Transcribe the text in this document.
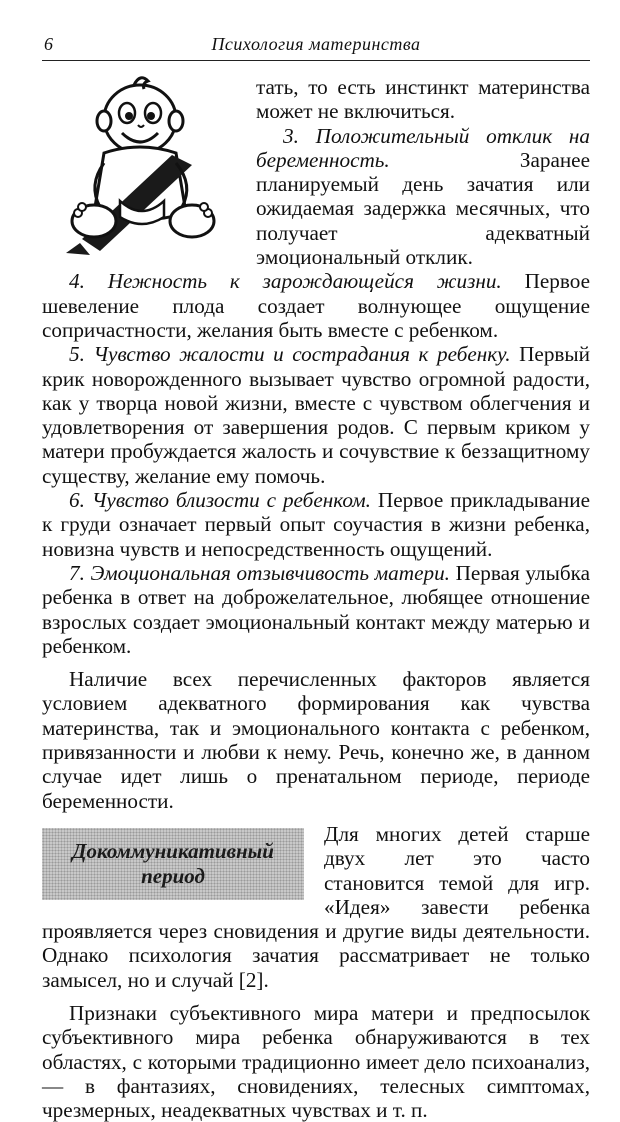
6	Психология материнства

тать, то есть инстинкт материнства может не включиться.

3. Положительный отклик на беременность. Заранее планируемый день зачатия или ожидаемая задержка месячных, что получает адекватный эмоциональный отклик.

4. Нежность к зарождающейся жизни. Первое шевеление плода создает волнующее ощущение сопричастности, желания быть вместе с ребенком.

5. Чувство жалости и сострадания к ребенку. Первый крик новорожденного вызывает чувство огромной радости, как у творца новой жизни, вместе с чувством облегчения и удовлетворения от завершения родов. С первым криком у матери пробуждается жалость и сочувствие к беззащитному существу, желание ему помочь.

6. Чувство близости с ребенком. Первое прикладывание к груди означает первый опыт соучастия в жизни ребенка, новизна чувств и непосредственность ощущений.

7. Эмоциональная отзывчивость матери. Первая улыбка ребенка в ответ на доброжелательное, любящее отношение взрослых создает эмоциональный контакт между матерью и ребенком.

Наличие всех перечисленных факторов является условием адекватного формирования как чувства материнства, так и эмоционального контакта с ребенком, привязанности и любви к нему. Речь, конечно же, в данном случае идет лишь о пренатальном периоде, периоде беременности.

Докоммуникативный
период

Для многих детей старше двух лет это часто становится темой для игр. «Идея» завести ребенка проявляется через сновидения и другие виды деятельности. Однако психология зачатия рассматривает не только замысел, но и случай [2].

Признаки субъективного мира матери и предпосылок субъективного мира ребенка обнаруживаются в тех областях, с которыми традиционно имеет дело психоанализ, — в фантазиях, сновидениях, телесных симптомах, чрезмерных, неадекватных чувствах и т. п.
